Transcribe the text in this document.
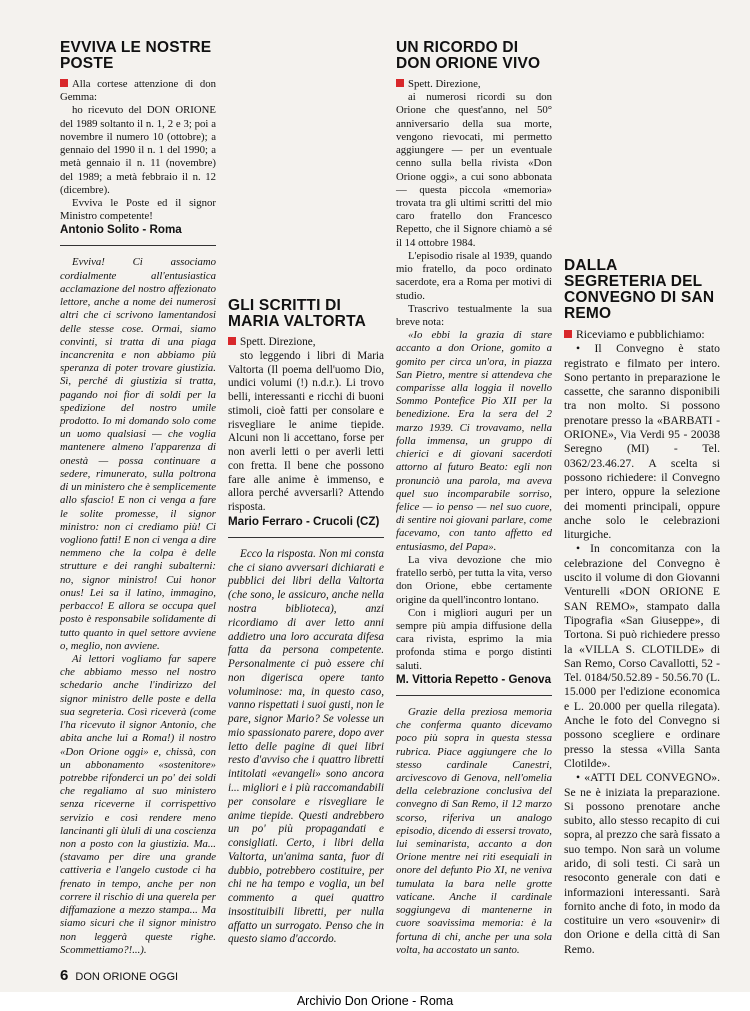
EVVIVA LE NOSTRE POSTE

Alla cortese attenzione di don Gemma:

ho ricevuto del DON ORIONE del 1989 soltanto il n. 1, 2 e 3; poi a novembre il numero 10 (ottobre); a gennaio del 1990 il n. 1 del 1990; a metà gennaio il n. 11 (novembre) del 1989; a metà febbraio il n. 12 (dicembre).

Evviva le Poste ed il signor Ministro competente!

Antonio Solito - Roma

Evviva! Ci associamo cordialmente all'entusiastica acclamazione del nostro affezionato lettore, anche a nome dei numerosi altri che ci scrivono lamentandosi delle stesse cose. Ormai, siamo convinti, si tratta di una piaga incancrenita e non abbiamo più speranza di poter trovare giustizia. Sì, perché di giustizia si tratta, pagando noi fior di soldi per la spedizione del nostro umile prodotto. Io mi domando solo come un uomo qualsiasi — che voglia mantenere almeno l'apparenza di onestà — possa continuare a sedere, rimunerato, sulla poltrona di un ministero che è semplicemente allo sfascio! E non ci venga a fare le solite promesse, il signor ministro: non ci crediamo più! Ci vogliono fatti! E non ci venga a dire nemmeno che la colpa è delle strutture e dei ranghi subalterni: no, signor ministro! Cui honor onus! Lei sa il latino, immagino, perbacco! E allora se occupa quel posto è responsabile solidamente di tutto quanto in quel settore avviene o, meglio, non avviene.

Ai lettori vogliamo far sapere che abbiamo messo nel nostro schedario anche l'indirizzo del signor ministro delle poste e della sua segreteria. Così riceverà (come l'ha ricevuto il signor Antonio, che abita anche lui a Roma!) il nostro «Don Orione oggi» e, chissà, con un abbonamento «sostenitore» potrebbe rifonderci un po' dei soldi che regaliamo al suo ministero senza riceverne il corrispettivo servizio e così rendere meno lancinanti gli ùluli di una coscienza non a posto con la giustizia. Ma... (stavamo per dire una grande cattiveria e l'angelo custode ci ha frenato in tempo, anche per non correre il rischio di una querela per diffamazione a mezzo stampa... Ma siamo sicuri che il signor ministro non leggerà queste righe. Scommettiamo?!...).

GLI SCRITTI DI MARIA VALTORTA

Spett. Direzione,

sto leggendo i libri di Maria Valtorta (Il poema dell'uomo Dio, undici volumi (!) n.d.r.). Li trovo belli, interessanti e ricchi di buoni stimoli, cioè fatti per consolare e risvegliare le anime tiepide. Alcuni non li accettano, forse per non averli letti o per averli letti con fretta. Il bene che possono fare alle anime è immenso, e allora perché avversarli? Attendo risposta.

Mario Ferraro - Crucoli (CZ)

Ecco la risposta. Non mi consta che ci siano avversari dichiarati e pubblici dei libri della Valtorta (che sono, le assicuro, anche nella nostra biblioteca), anzi ricordiamo di aver letto anni addietro una loro accurata difesa fatta da persona competente. Personalmente ci può essere chi non digerisca opere tanto voluminose: ma, in questo caso, vanno rispettati i suoi gusti, non le pare, signor Mario? Se volesse un mio spassionato parere, dopo aver letto delle pagine di quei libri resto d'avviso che i quattro libretti intitolati «evangeli» sono ancora i... migliori e i più raccomandabili per consolare e risvegliare le anime tiepide. Questi andrebbero un po' più propagandati e consigliati. Certo, i libri della Valtorta, un'anima santa, fuor di dubbio, potrebbero costituire, per chi ne ha tempo e voglia, un bel commento a quei quattro insostituibili libretti, per nulla affatto un surrogato. Penso che in questo siamo d'accordo.

UN RICORDO DI DON ORIONE VIVO

Spett. Direzione,

ai numerosi ricordi su don Orione che quest'anno, nel 50° anniversario della sua morte, vengono rievocati, mi permetto aggiungere — per un eventuale cenno sulla bella rivista «Don Orione oggi», a cui sono abbonata — questa piccola «memoria» trovata tra gli ultimi scritti del mio caro fratello don Francesco Repetto, che il Signore chiamò a sé il 14 ottobre 1984.

L'episodio risale al 1939, quando mio fratello, da poco ordinato sacerdote, era a Roma per motivi di studio.

Trascrivo testualmente la sua breve nota:

«Io ebbi la grazia di stare accanto a don Orione, gomito a gomito per circa un'ora, in piazza San Pietro, mentre si attendeva che comparisse alla loggia il novello Sommo Pontefice Pio XII per la benedizione. Era la sera del 2 marzo 1939. Ci trovavamo, nella folla immensa, un gruppo di chierici e di giovani sacerdoti attorno al futuro Beato: egli non pronunciò una parola, ma aveva quel suo incomparabile sorriso, felice — io penso — nel suo cuore, di sentire noi giovani parlare, come facevamo, con tanto affetto ed entusiasmo, del Papa».

La viva devozione che mio fratello serbò, per tutta la vita, verso don Orione, ebbe certamente origine da quell'incontro lontano.

Con i migliori auguri per un sempre più ampia diffusione della cara rivista, esprimo la mia profonda stima e porgo distinti saluti.

M. Vittoria Repetto - Genova

Grazie della preziosa memoria che conferma quanto dicevamo poco più sopra in questa stessa rubrica. Piace aggiungere che lo stesso cardinale Canestri, arcivescovo di Genova, nell'omelia della celebrazione conclusiva del convegno di San Remo, il 12 marzo scorso, riferiva un analogo episodio, dicendo di essersi trovato, lui seminarista, accanto a don Orione mentre nei riti esequiali in onore del defunto Pio XI, ne veniva tumulata la bara nelle grotte vaticane. Anche il cardinale soggiungeva di mantenerne in cuore soavissima memoria: è la fortuna di chi, anche per una sola volta, ha accostato un santo.

DALLA SEGRETERIA DEL CONVEGNO DI SAN REMO

Riceviamo e pubblichiamo:

• Il Convegno è stato registrato e filmato per intero. Sono pertanto in preparazione le cassette, che saranno disponibili tra non molto. Si possono prenotare presso la «BARBATI - ORIONE», Via Verdi 95 - 20038 Seregno (MI) - Tel. 0362/23.46.27. A scelta si possono richiedere: il Convegno per intero, oppure la selezione dei momenti principali, oppure anche solo le celebrazioni liturgiche.

• In concomitanza con la celebrazione del Convegno è uscito il volume di don Giovanni Venturelli «DON ORIONE E SAN REMO», stampato dalla Tipografia «San Giuseppe», di Tortona. Si può richiedere presso la «VILLA S. CLOTILDE» di San Remo, Corso Cavallotti, 52 - Tel. 0184/50.52.89 - 50.56.70 (L. 15.000 per l'edizione economica e L. 20.000 per quella rilegata). Anche le foto del Convegno si possono scegliere e ordinare presso la stessa «Villa Santa Clotilde».

• «ATTI DEL CONVEGNO». Se ne è iniziata la preparazione. Si possono prenotare anche subito, allo stesso recapito di cui sopra, al prezzo che sarà fissato a suo tempo. Non sarà un volume arido, di soli testi. Ci sarà un resoconto generale con dati e informazioni interessanti. Sarà fornito anche di foto, in modo da costituire un vero «souvenir» di don Orione e della città di San Remo.

6 DON ORIONE OGGI
Archivio Don Orione - Roma
